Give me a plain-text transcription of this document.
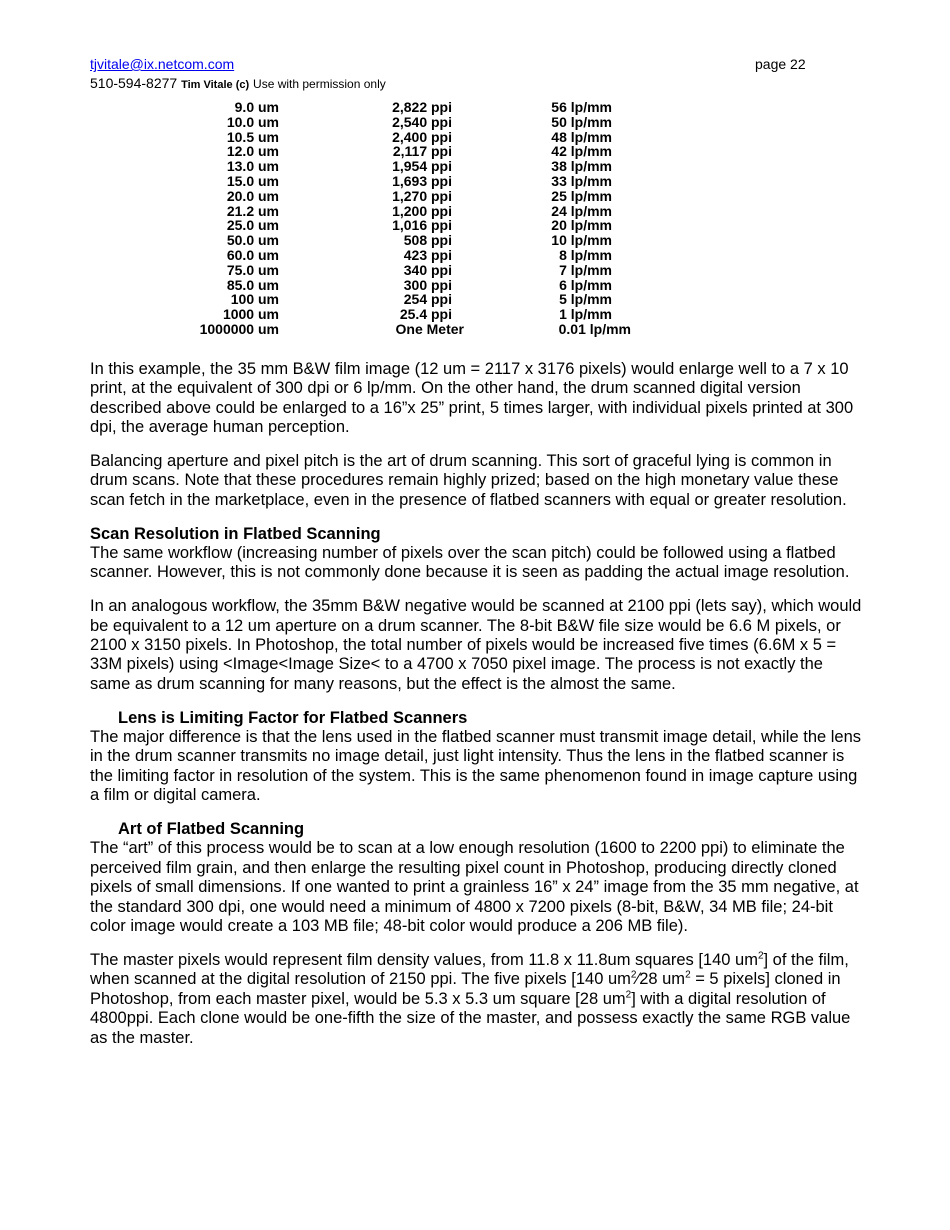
tjvitale@ix.netcom.com	page 22
510-594-8277 Tim Vitale (c) Use with permission only
9.0 um	2,822 ppi	56 lp/mm
10.0 um	2,540 ppi	50 lp/mm
10.5 um	2,400 ppi	48 lp/mm
12.0 um	2,117 ppi	42 lp/mm
13.0 um	1,954 ppi	38 lp/mm
15.0 um	1,693 ppi	33 lp/mm
20.0 um	1,270 ppi	25 lp/mm
21.2 um	1,200 ppi	24 lp/mm
25.0 um	1,016 ppi	20 lp/mm
50.0 um	508 ppi	10 lp/mm
60.0 um	423 ppi	8 lp/mm
75.0 um	340 ppi	7 lp/mm
85.0 um	300 ppi	6 lp/mm
100 um	254 ppi	5 lp/mm
1000 um	25.4 ppi	1 lp/mm
1000000 um	One Meter	0.01 lp/mm

In this example, the 35 mm B&W film image (12 um = 2117 x 3176 pixels) would enlarge well to a 7 x 10 print, at the equivalent of 300 dpi or 6 lp/mm. On the other hand, the drum scanned digital version described above could be enlarged to a 16”x 25” print, 5 times larger, with individual pixels printed at 300 dpi, the average human perception.

Balancing aperture and pixel pitch is the art of drum scanning. This sort of graceful lying is common in drum scans. Note that these procedures remain highly prized; based on the high monetary value these scan fetch in the marketplace, even in the presence of flatbed scanners with equal or greater resolution.

Scan Resolution in Flatbed Scanning

The same workflow (increasing number of pixels over the scan pitch) could be followed using a flatbed scanner. However, this is not commonly done because it is seen as padding the actual image resolution.

In an analogous workflow, the 35mm B&W negative would be scanned at 2100 ppi (lets say), which would be equivalent to a 12 um aperture on a drum scanner. The 8-bit B&W file size would be 6.6 M pixels, or 2100 x 3150 pixels. In Photoshop, the total number of pixels would be increased five times (6.6M x 5 = 33M pixels) using <Image<Image Size< to a 4700 x 7050 pixel image. The process is not exactly the same as drum scanning for many reasons, but the effect is the almost the same.

Lens is Limiting Factor for Flatbed Scanners

The major difference is that the lens used in the flatbed scanner must transmit image detail, while the lens in the drum scanner transmits no image detail, just light intensity. Thus the lens in the flatbed scanner is the limiting factor in resolution of the system. This is the same phenomenon found in image capture using a film or digital camera.

Art of Flatbed Scanning

The “art” of this process would be to scan at a low enough resolution (1600 to 2200 ppi) to eliminate the perceived film grain, and then enlarge the resulting pixel count in Photoshop, producing directly cloned pixels of small dimensions. If one wanted to print a grainless 16” x 24” image from the 35 mm negative, at the standard 300 dpi, one would need a minimum of 4800 x 7200 pixels (8-bit, B&W, 34 MB file; 24-bit color image would create a 103 MB file; 48-bit color would produce a 206 MB file).

The master pixels would represent film density values, from 11.8 x 11.8um squares [140 $um^2$] of the film, when scanned at the digital resolution of 2150 ppi. The five pixels [140 $um^2⁄28$ $um^2 = 5$ pixels] cloned in Photoshop, from each master pixel, would be 5.3 x 5.3 um square [28 $um^2$] with a digital resolution of 4800ppi. Each clone would be one-fifth the size of the master, and possess exactly the same RGB value as the master.
